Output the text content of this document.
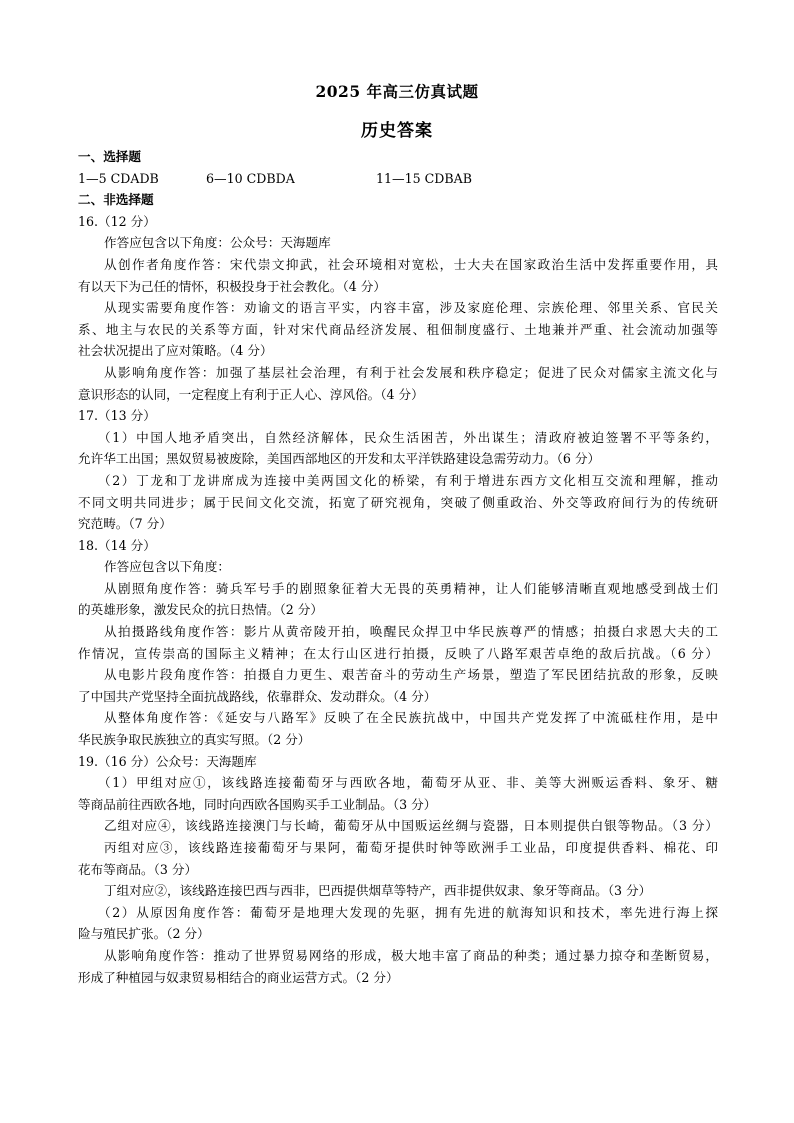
2025 年高三仿真试题
历史答案
一、选择题
1—5 CDADB	6—10 CDBDA	11—15 CDBAB
二、非选择题
16.（12 分）
作答应包含以下角度：公众号：天海题库
从创作者角度作答：宋代崇文抑武，社会环境相对宽松，士大夫在国家政治生活中发挥重要作用，具
有以天下为己任的情怀，积极投身于社会教化。（4 分）
从现实需要角度作答：劝谕文的语言平实，内容丰富，涉及家庭伦理、宗族伦理、邻里关系、官民关
系、地主与农民的关系等方面，针对宋代商品经济发展、租佃制度盛行、土地兼并严重、社会流动加强等
社会状况提出了应对策略。（4 分）
从影响角度作答：加强了基层社会治理，有利于社会发展和秩序稳定；促进了民众对儒家主流文化与
意识形态的认同，一定程度上有利于正人心、淳风俗。（4 分）
17.（13 分）
（1）中国人地矛盾突出，自然经济解体，民众生活困苦，外出谋生；清政府被迫签署不平等条约，
允许华工出国；黑奴贸易被废除，美国西部地区的开发和太平洋铁路建设急需劳动力。（6 分）
（2）丁龙和丁龙讲席成为连接中美两国文化的桥梁，有利于增进东西方文化相互交流和理解，推动
不同文明共同进步；属于民间文化交流，拓宽了研究视角，突破了侧重政治、外交等政府间行为的传统研
究范畴。（7 分）
18.（14 分）
作答应包含以下角度：
从剧照角度作答：骑兵军号手的剧照象征着大无畏的英勇精神，让人们能够清晰直观地感受到战士们
的英雄形象，激发民众的抗日热情。（2 分）
从拍摄路线角度作答：影片从黄帝陵开拍，唤醒民众捍卫中华民族尊严的情感；拍摄白求恩大夫的工
作情况，宣传崇高的国际主义精神；在太行山区进行拍摄，反映了八路军艰苦卓绝的敌后抗战。（6 分）
从电影片段角度作答：拍摄自力更生、艰苦奋斗的劳动生产场景，塑造了军民团结抗敌的形象，反映
了中国共产党坚持全面抗战路线，依靠群众、发动群众。（4 分）
从整体角度作答：《延安与八路军》反映了在全民族抗战中，中国共产党发挥了中流砥柱作用，是中
华民族争取民族独立的真实写照。（2 分）
19.（16 分）公众号：天海题库
（1）甲组对应①，该线路连接葡萄牙与西欧各地，葡萄牙从亚、非、美等大洲贩运香料、象牙、糖
等商品前往西欧各地，同时向西欧各国购买手工业制品。（3 分）
乙组对应④，该线路连接澳门与长崎，葡萄牙从中国贩运丝绸与瓷器，日本则提供白银等物品。（3 分）
丙组对应③，该线路连接葡萄牙与果阿，葡萄牙提供时钟等欧洲手工业品，印度提供香料、棉花、印
花布等商品。（3 分）
丁组对应②，该线路连接巴西与西非，巴西提供烟草等特产，西非提供奴隶、象牙等商品。（3 分）
（2）从原因角度作答：葡萄牙是地理大发现的先驱，拥有先进的航海知识和技术，率先进行海上探
险与殖民扩张。（2 分）
从影响角度作答：推动了世界贸易网络的形成，极大地丰富了商品的种类；通过暴力掠夺和垄断贸易，
形成了种植园与奴隶贸易相结合的商业运营方式。（2 分）
